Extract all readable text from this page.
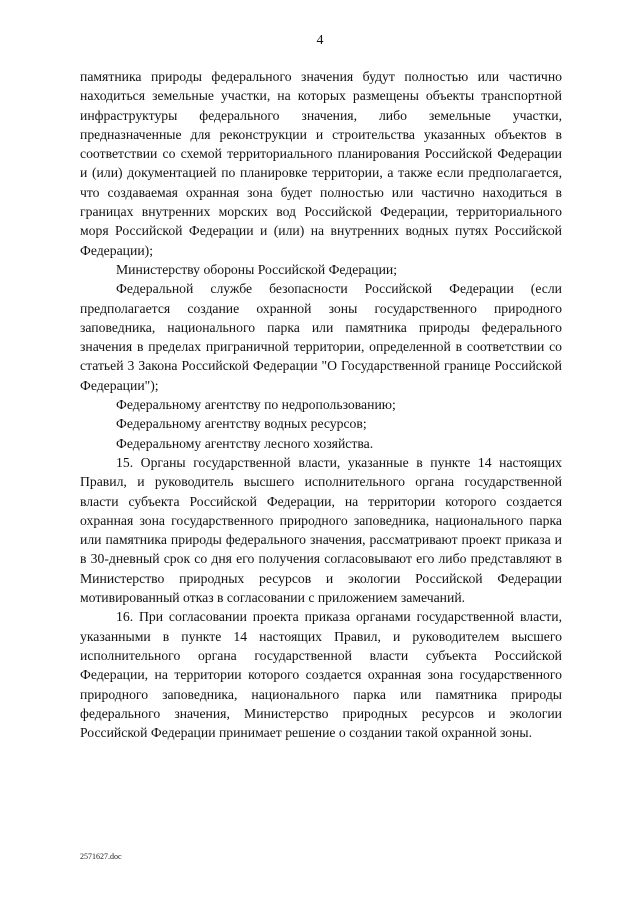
4

памятника природы федерального значения будут полностью или частично находиться земельные участки, на которых размещены объекты транспортной инфраструктуры федерального значения, либо земельные участки, предназначенные для реконструкции и строительства указанных объектов в соответствии со схемой территориального планирования Российской Федерации и (или) документацией по планировке территории, а также если предполагается, что создаваемая охранная зона будет полностью или частично находиться в границах внутренних морских вод Российской Федерации, территориального моря Российской Федерации и (или) на внутренних водных путях Российской Федерации);

Министерству обороны Российской Федерации;

Федеральной службе безопасности Российской Федерации (если предполагается создание охранной зоны государственного природного заповедника, национального парка или памятника природы федерального значения в пределах приграничной территории, определенной в соответствии со статьей 3 Закона Российской Федерации "О Государственной границе Российской Федерации");

Федеральному агентству по недропользованию;

Федеральному агентству водных ресурсов;

Федеральному агентству лесного хозяйства.

15. Органы государственной власти, указанные в пункте 14 настоящих Правил, и руководитель высшего исполнительного органа государственной власти субъекта Российской Федерации, на территории которого создается охранная зона государственного природного заповедника, национального парка или памятника природы федерального значения, рассматривают проект приказа и в 30-дневный срок со дня его получения согласовывают его либо представляют в Министерство природных ресурсов и экологии Российской Федерации мотивированный отказ в согласовании с приложением замечаний.

16. При согласовании проекта приказа органами государственной власти, указанными в пункте 14 настоящих Правил, и руководителем высшего исполнительного органа государственной власти субъекта Российской Федерации, на территории которого создается охранная зона государственного природного заповедника, национального парка или памятника природы федерального значения, Министерство природных ресурсов и экологии Российской Федерации принимает решение о создании такой охранной зоны.

2571627.doc
